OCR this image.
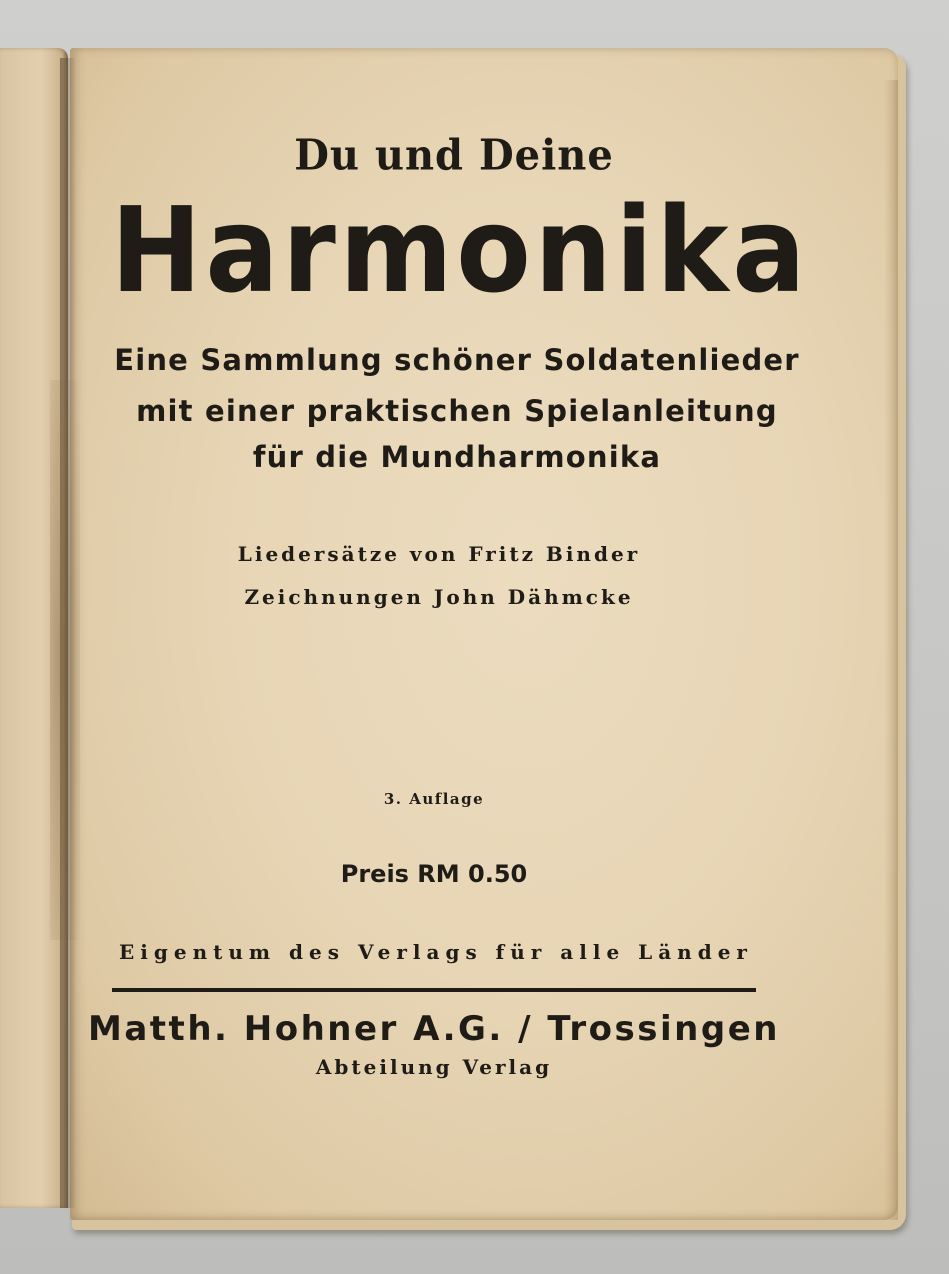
Du und Deine
Harmonika
Eine Sammlung schöner Soldatenlieder
mit einer praktischen Spielanleitung
für die Mundharmonika
Liedersätze von Fritz Binder
Zeichnungen John Dähmcke
3. Auflage
Preis RM 0.50
Eigentum des Verlags für alle Länder
Matth. Hohner A.G. / Trossingen
Abteilung Verlag
